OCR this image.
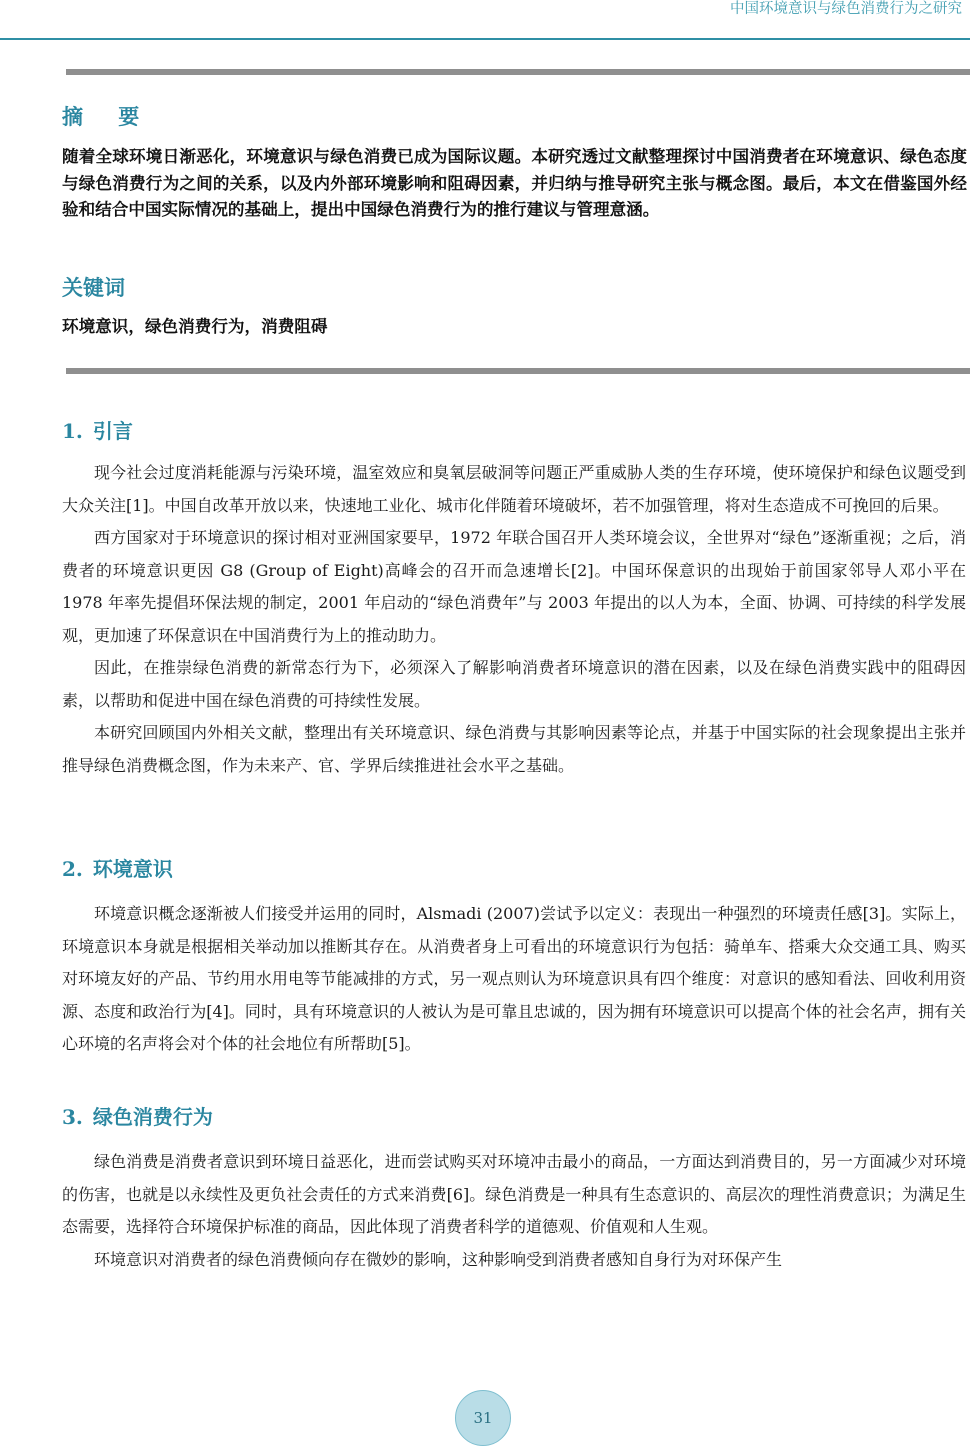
中国环境意识与绿色消费行为之研究
摘 要
随着全球环境日渐恶化，环境意识与绿色消费已成为国际议题。本研究透过文献整理探讨中国消费者在环境意识、绿色态度与绿色消费行为之间的关系，以及内外部环境影响和阻碍因素，并归纳与推导研究主张与概念图。最后，本文在借鉴国外经验和结合中国实际情况的基础上，提出中国绿色消费行为的推行建议与管理意涵。
关键词
环境意识，绿色消费行为，消费阻碍
1. 引言

现今社会过度消耗能源与污染环境，温室效应和臭氧层破洞等问题正严重威胁人类的生存环境，使环境保护和绿色议题受到大众关注[1]。中国自改革开放以来，快速地工业化、城市化伴随着环境破坏，若不加强管理，将对生态造成不可挽回的后果。

西方国家对于环境意识的探讨相对亚洲国家要早，1972 年联合国召开人类环境会议，全世界对“绿色”逐渐重视；之后，消费者的环境意识更因 G8 (Group of Eight)高峰会的召开而急速增长[2]。中国环保意识的出现始于前国家邻导人邓小平在 1978 年率先提倡环保法规的制定，2001 年启动的“绿色消费年”与 2003 年提出的以人为本，全面、协调、可持续的科学发展观，更加速了环保意识在中国消费行为上的推动助力。

因此，在推崇绿色消费的新常态行为下，必须深入了解影响消费者环境意识的潜在因素，以及在绿色消费实践中的阻碍因素，以帮助和促进中国在绿色消费的可持续性发展。

本研究回顾国内外相关文献，整理出有关环境意识、绿色消费与其影响因素等论点，并基于中国实际的社会现象提出主张并推导绿色消费概念图，作为未来产、官、学界后续推进社会水平之基础。

2. 环境意识

环境意识概念逐渐被人们接受并运用的同时，Alsmadi (2007)尝试予以定义：表现出一种强烈的环境责任感[3]。实际上，环境意识本身就是根据相关举动加以推断其存在。从消费者身上可看出的环境意识行为包括：骑单车、搭乘大众交通工具、购买对环境友好的产品、节约用水用电等节能减排的方式，另一观点则认为环境意识具有四个维度：对意识的感知看法、回收利用资源、态度和政治行为[4]。同时，具有环境意识的人被认为是可靠且忠诚的，因为拥有环境意识可以提高个体的社会名声，拥有关心环境的名声将会对个体的社会地位有所帮助[5]。

3. 绿色消费行为

绿色消费是消费者意识到环境日益恶化，进而尝试购买对环境冲击最小的商品，一方面达到消费目的，另一方面减少对环境的伤害，也就是以永续性及更负社会责任的方式来消费[6]。绿色消费是一种具有生态意识的、高层次的理性消费意识；为满足生态需要，选择符合环境保护标准的商品，因此体现了消费者科学的道德观、价值观和人生观。

环境意识对消费者的绿色消费倾向存在微妙的影响，这种影响受到消费者感知自身行为对环保产生

31
